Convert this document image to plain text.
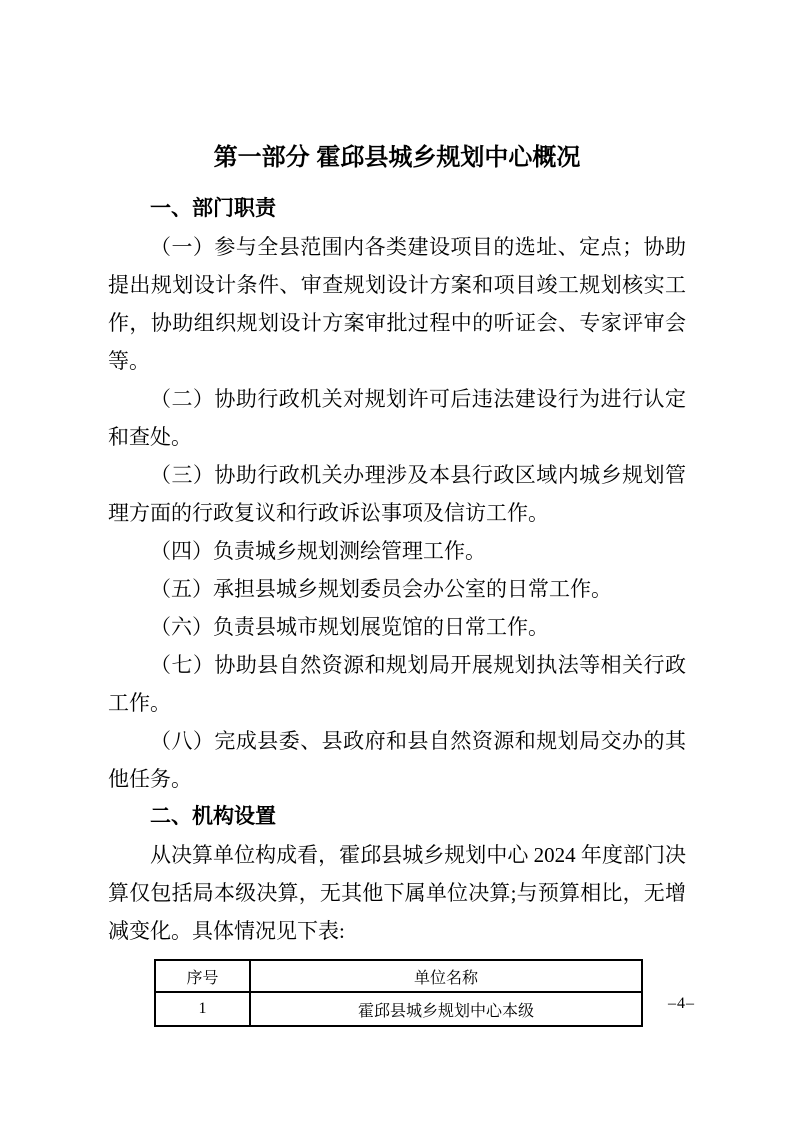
第一部分 霍邱县城乡规划中心概况
一、部门职责

（一）参与全县范围内各类建设项目的选址、定点；协助提出规划设计条件、审查规划设计方案和项目竣工规划核实工作，协助组织规划设计方案审批过程中的听证会、专家评审会等。

（二）协助行政机关对规划许可后违法建设行为进行认定和查处。

（三）协助行政机关办理涉及本县行政区域内城乡规划管理方面的行政复议和行政诉讼事项及信访工作。

（四）负责城乡规划测绘管理工作。

（五）承担县城乡规划委员会办公室的日常工作。

（六）负责县城市规划展览馆的日常工作。

（七）协助县自然资源和规划局开展规划执法等相关行政工作。

（八）完成县委、县政府和县自然资源和规划局交办的其他任务。

二、机构设置

从决算单位构成看，霍邱县城乡规划中心 2024 年度部门决算仅包括局本级决算，无其他下属单位决算;与预算相比，无增减变化。具体情况见下表:

序号	单位名称
1	霍邱县城乡规划中心本级	–4–
